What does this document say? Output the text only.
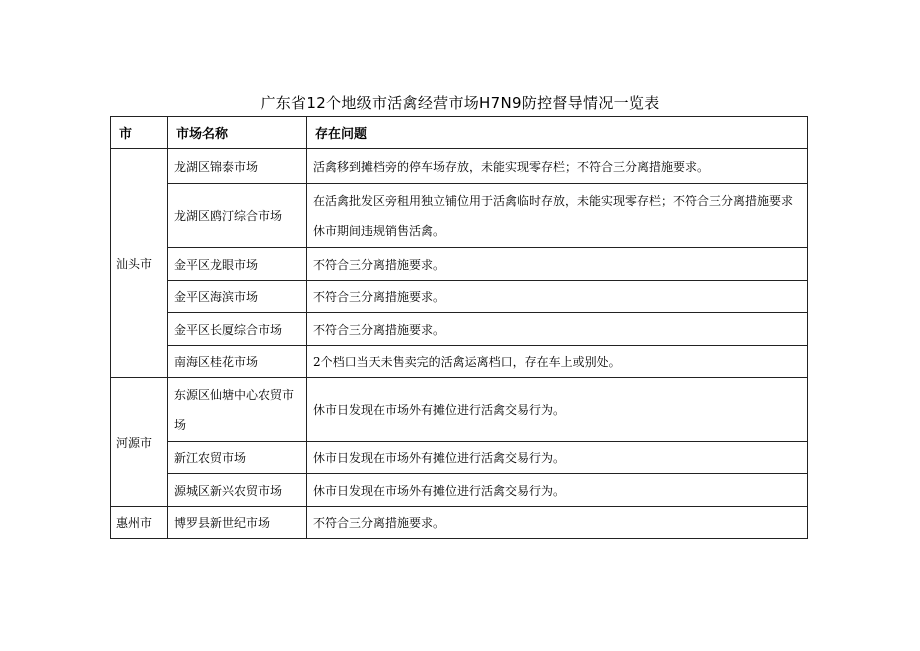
广东省12个地级市活禽经营市场H7N9防控督导情况一览表
市	市场名称	存在问题
汕头市	龙湖区锦泰市场	活禽移到摊档旁的停车场存放，未能实现零存栏；不符合三分离措施要求。
	龙湖区鸥汀综合市场	在活禽批发区旁租用独立铺位用于活禽临时存放，未能实现零存栏；不符合三分离措施要求
休市期间违规销售活禽。

	金平区龙眼市场	不符合三分离措施要求。
	金平区海滨市场	不符合三分离措施要求。
	金平区长厦综合市场	不符合三分离措施要求。
	南海区桂花市场	2个档口当天未售卖完的活禽运离档口，存在车上或别处。
河源市	东源区仙塘中心农贸市
场	休市日发现在市场外有摊位进行活禽交易行为。
	新江农贸市场	休市日发现在市场外有摊位进行活禽交易行为。
	源城区新兴农贸市场	休市日发现在市场外有摊位进行活禽交易行为。
惠州市	博罗县新世纪市场	不符合三分离措施要求。
